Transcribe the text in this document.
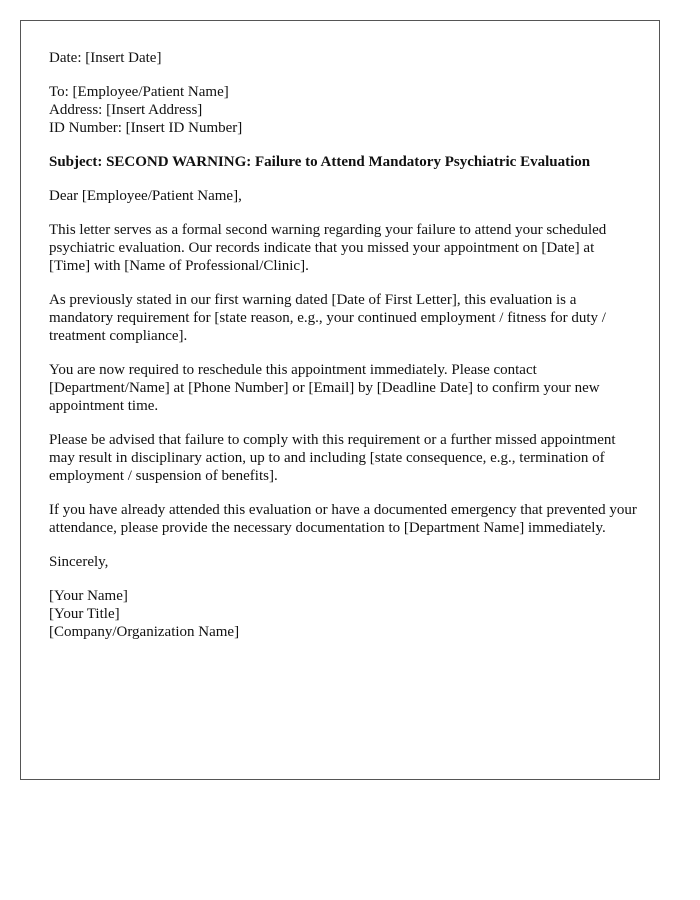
Date: [Insert Date]
To: [Employee/Patient Name]
Address: [Insert Address]
ID Number: [Insert ID Number]
Subject: SECOND WARNING: Failure to Attend Mandatory Psychiatric Evaluation
Dear [Employee/Patient Name],

This letter serves as a formal second warning regarding your failure to attend your scheduled psychiatric evaluation. Our records indicate that you missed your appointment on [Date] at [Time] with [Name of Professional/Clinic].

As previously stated in our first warning dated [Date of First Letter], this evaluation is a mandatory requirement for [state reason, e.g., your continued employment / fitness for duty / treatment compliance].

You are now required to reschedule this appointment immediately. Please contact [Department/Name] at [Phone Number] or [Email] by [Deadline Date] to confirm your new appointment time.

Please be advised that failure to comply with this requirement or a further missed appointment may result in disciplinary action, up to and including [state consequence, e.g., termination of employment / suspension of benefits].

If you have already attended this evaluation or have a documented emergency that prevented your attendance, please provide the necessary documentation to [Department Name] immediately.

Sincerely,
[Your Name]
[Your Title]
[Company/Organization Name]
